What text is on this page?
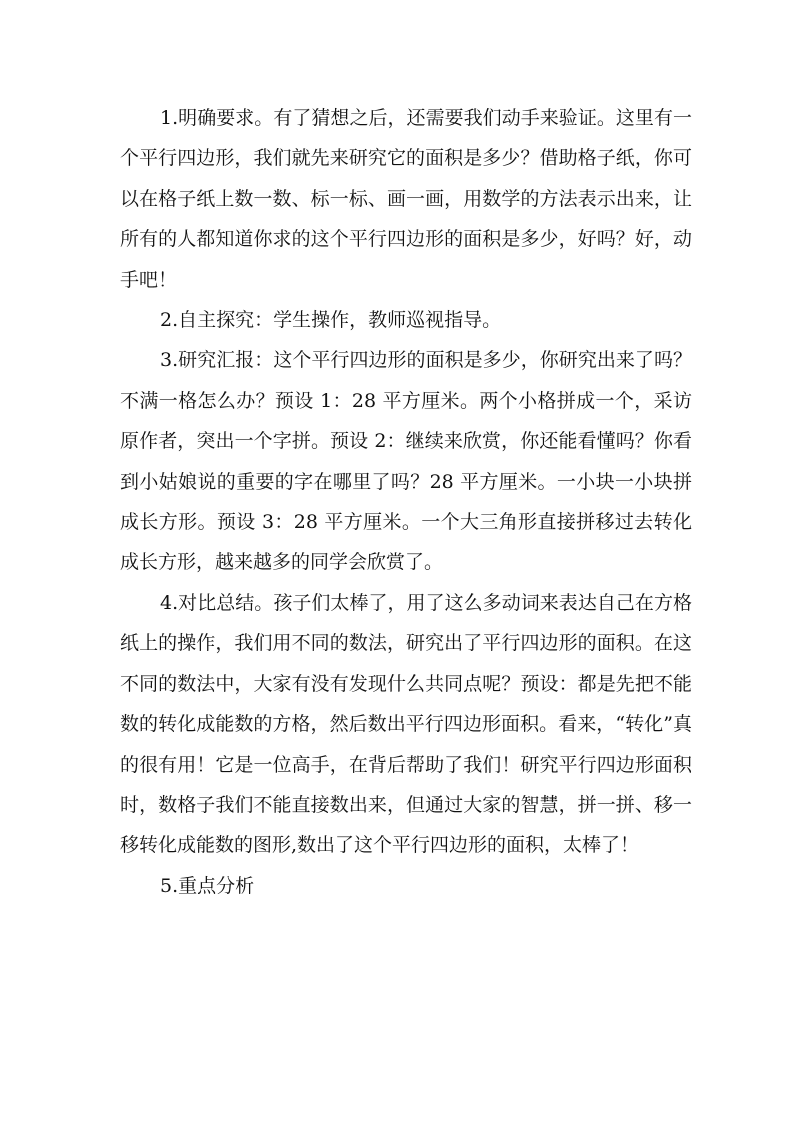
1.明确要求。有了猜想之后，还需要我们动手来验证。这里有一个平行四边形，我们就先来研究它的面积是多少？借助格子纸，你可以在格子纸上数一数、标一标、画一画，用数学的方法表示出来，让所有的人都知道你求的这个平行四边形的面积是多少，好吗？好，动手吧！

2.自主探究：学生操作，教师巡视指导。

3.研究汇报：这个平行四边形的面积是多少，你研究出来了吗？不满一格怎么办？预设 1：28 平方厘米。两个小格拼成一个，采访原作者，突出一个字拼。预设 2：继续来欣赏，你还能看懂吗？你看到小姑娘说的重要的字在哪里了吗？28 平方厘米。一小块一小块拼成长方形。预设 3：28 平方厘米。一个大三角形直接拼移过去转化成长方形，越来越多的同学会欣赏了。

4.对比总结。孩子们太棒了，用了这么多动词来表达自己在方格纸上的操作，我们用不同的数法，研究出了平行四边形的面积。在这不同的数法中，大家有没有发现什么共同点呢？预设：都是先把不能数的转化成能数的方格，然后数出平行四边形面积。看来，“转化”真的很有用！它是一位高手，在背后帮助了我们！研究平行四边形面积时，数格子我们不能直接数出来，但通过大家的智慧，拼一拼、移一移转化成能数的图形,数出了这个平行四边形的面积，太棒了！

5.重点分析
